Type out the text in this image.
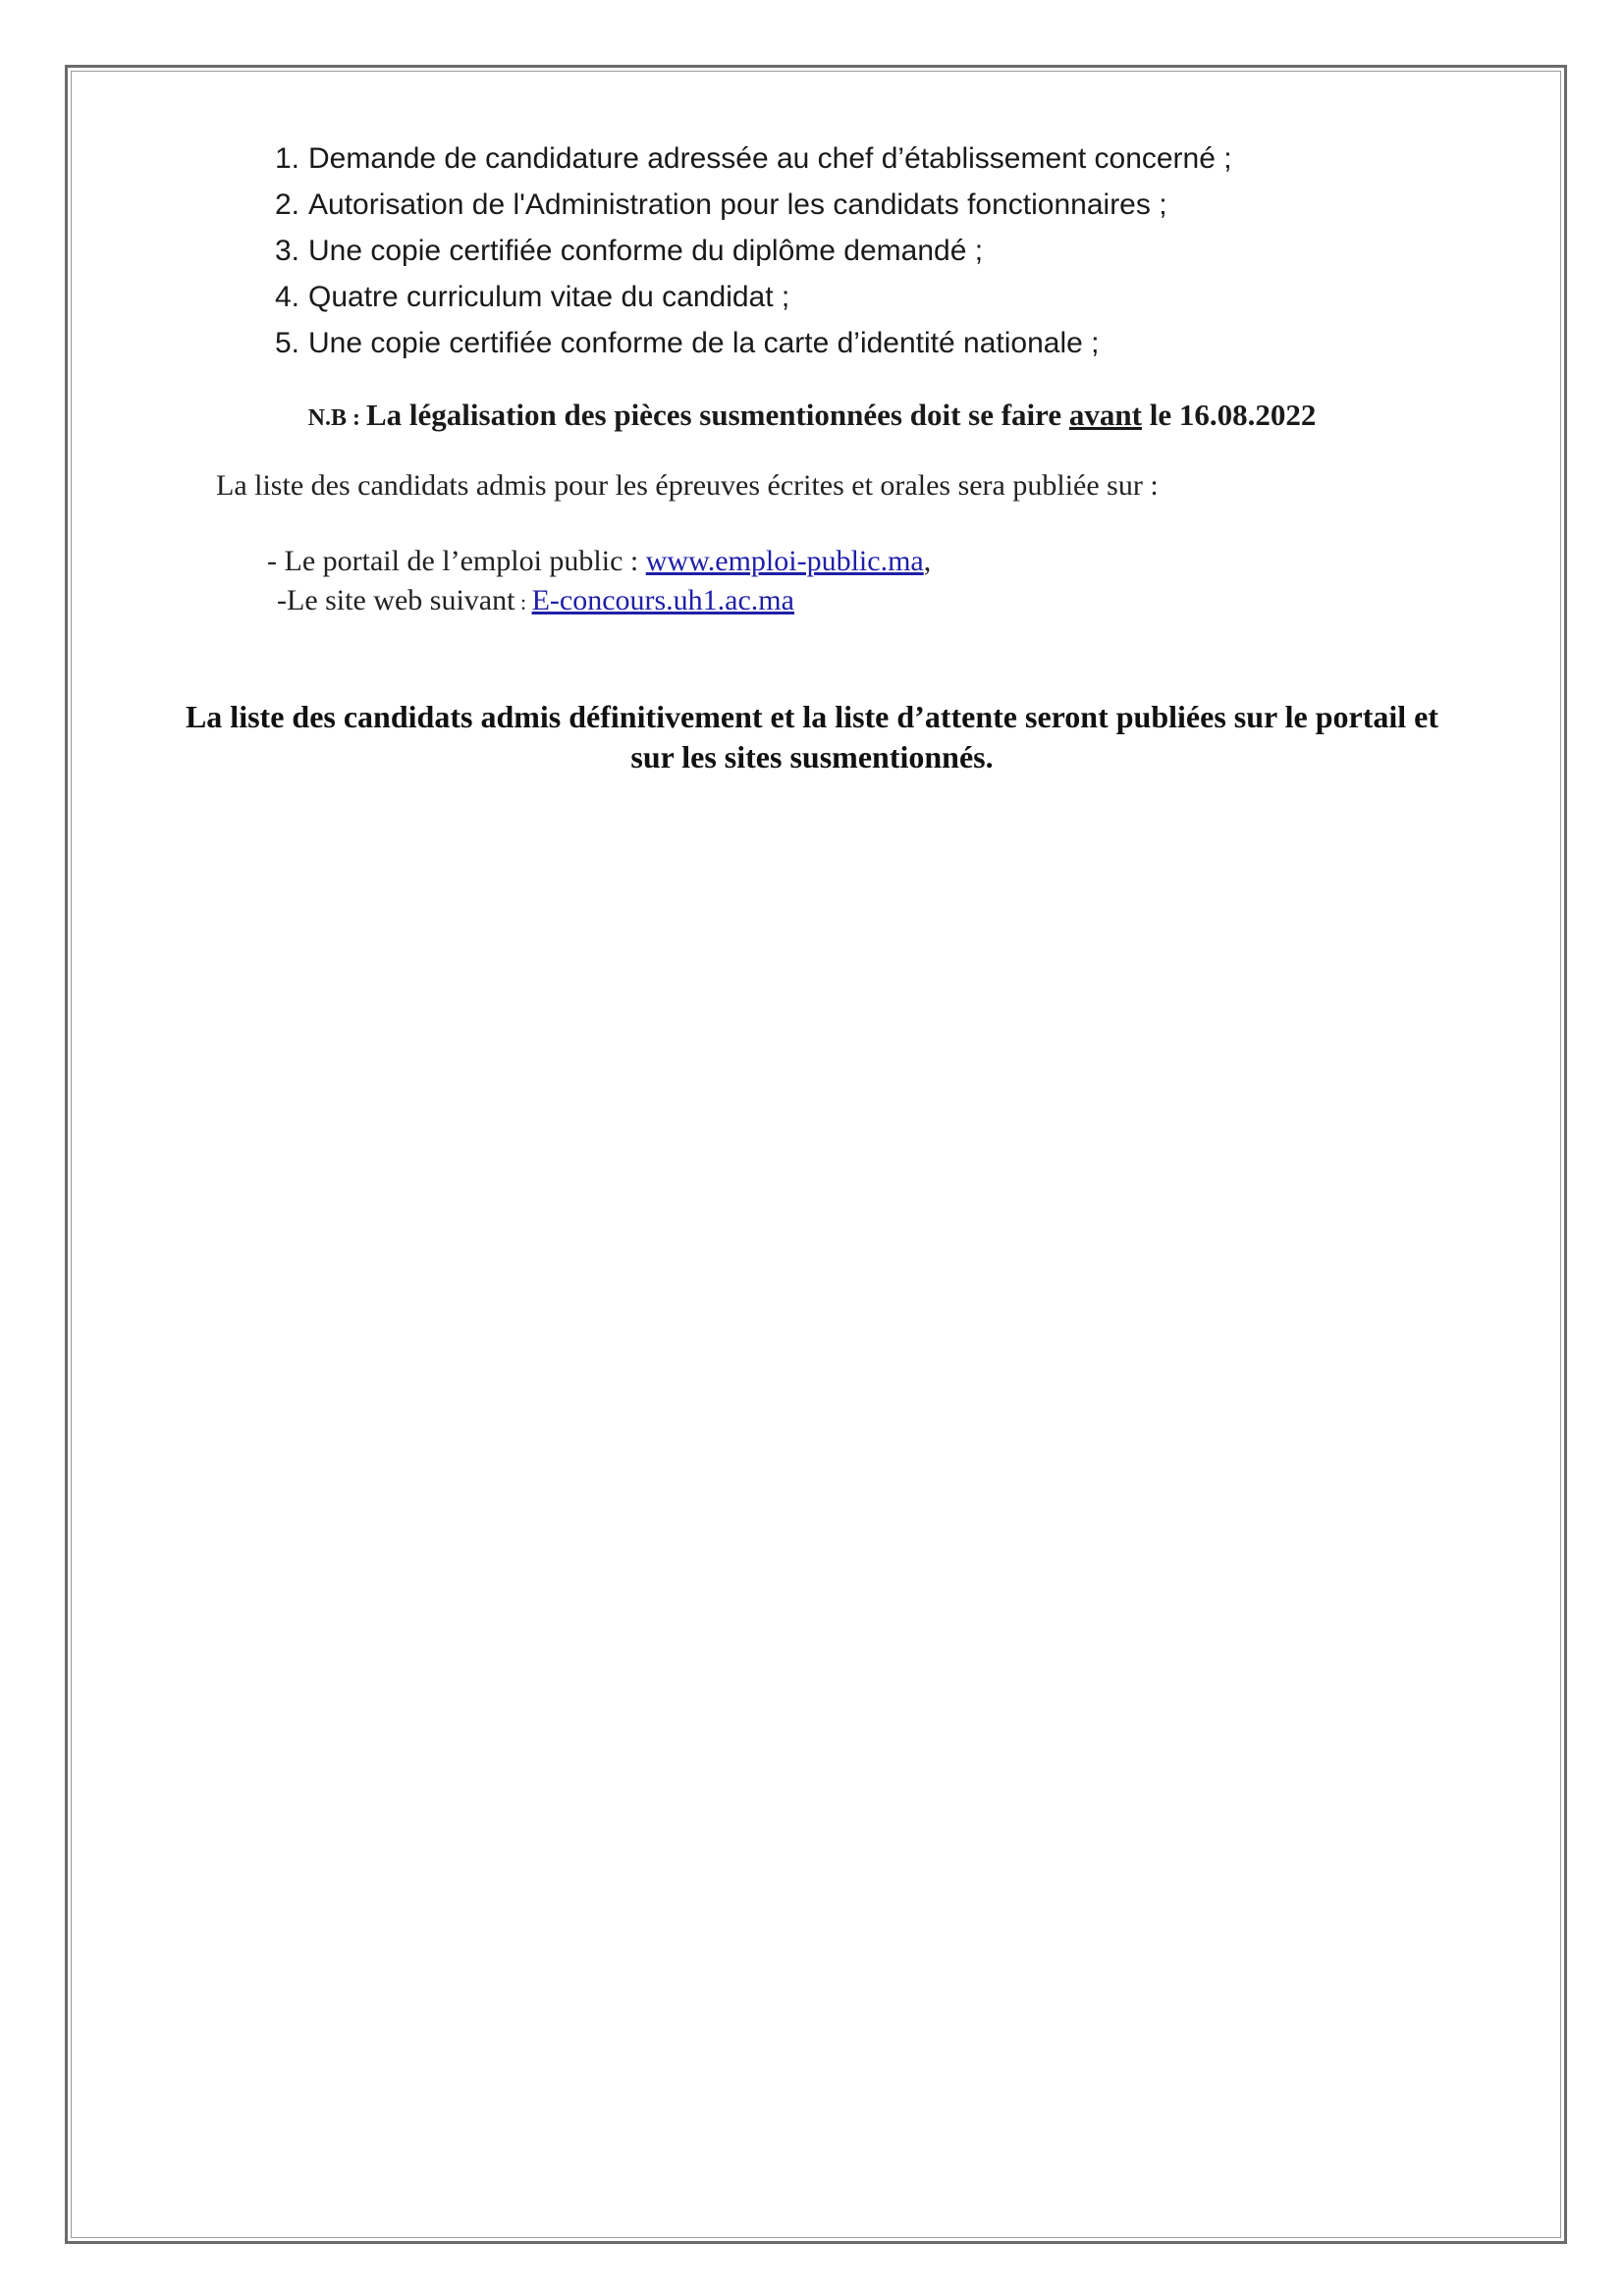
1. Demande de candidature adressée au chef d’établissement concerné ;
2. Autorisation de l'Administration pour les candidats fonctionnaires ;
3. Une copie certifiée conforme du diplôme demandé ;
4. Quatre curriculum vitae du candidat ;
5. Une copie certifiée conforme de la carte d’identité nationale ;
N.B : La légalisation des pièces susmentionnées doit se faire avant le 16.08.2022
La liste des candidats admis pour les épreuves écrites et orales sera publiée sur :
- Le portail de l’emploi public : www.emploi-public.ma,
-Le site web suivant : E-concours.uh1.ac.ma
La liste des candidats admis définitivement et la liste d’attente seront publiées sur le portail et sur les sites susmentionnés.
